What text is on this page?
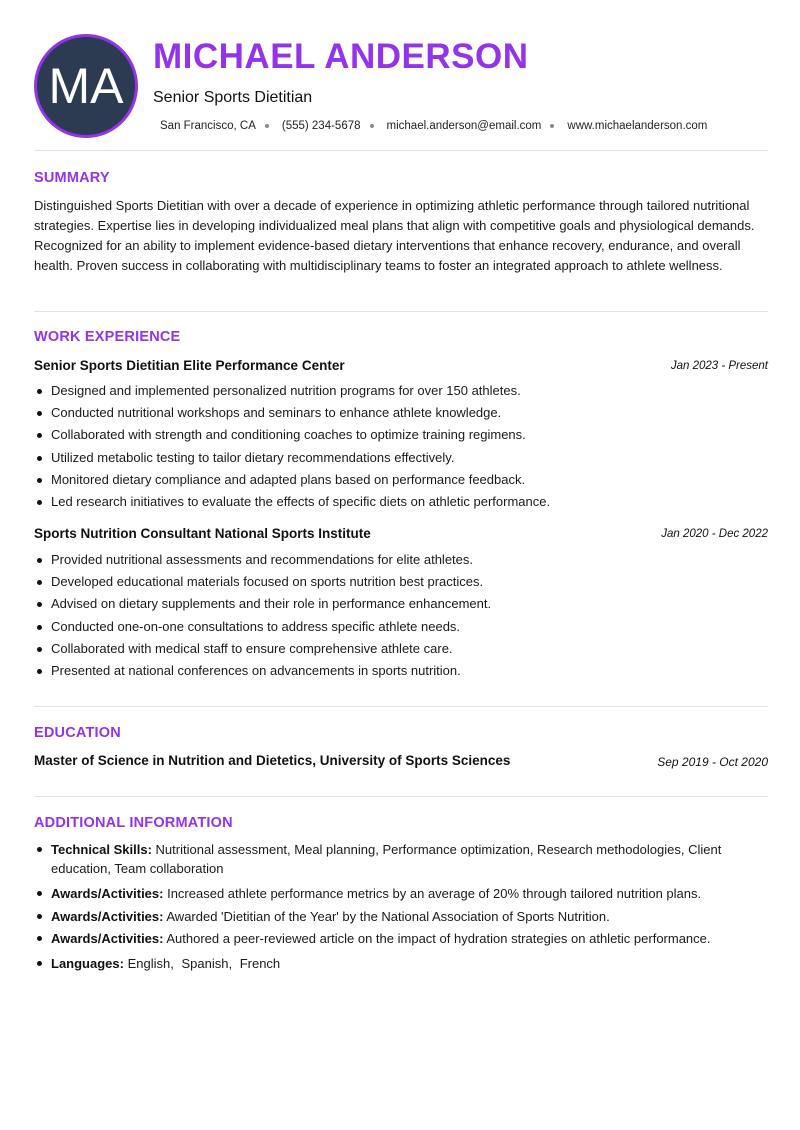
MA
MICHAEL ANDERSON
Senior Sports Dietitian
San Francisco, CA (555) 234-5678 michael.anderson@email.com www.michaelanderson.com
SUMMARY
Distinguished Sports Dietitian with over a decade of experience in optimizing athletic performance through tailored nutritional strategies. Expertise lies in developing individualized meal plans that align with competitive goals and physiological demands. Recognized for an ability to implement evidence-based dietary interventions that enhance recovery, endurance, and overall health. Proven success in collaborating with multidisciplinary teams to foster an integrated approach to athlete wellness.
WORK EXPERIENCE
Senior Sports Dietitian Elite Performance Center	Jan 2023 - Present
Designed and implemented personalized nutrition programs for over 150 athletes.
Conducted nutritional workshops and seminars to enhance athlete knowledge.
Collaborated with strength and conditioning coaches to optimize training regimens.
Utilized metabolic testing to tailor dietary recommendations effectively.
Monitored dietary compliance and adapted plans based on performance feedback.
Led research initiatives to evaluate the effects of specific diets on athletic performance.
Sports Nutrition Consultant National Sports Institute	Jan 2020 - Dec 2022
Provided nutritional assessments and recommendations for elite athletes.
Developed educational materials focused on sports nutrition best practices.
Advised on dietary supplements and their role in performance enhancement.
Conducted one-on-one consultations to address specific athlete needs.
Collaborated with medical staff to ensure comprehensive athlete care.
Presented at national conferences on advancements in sports nutrition.
EDUCATION
Master of Science in Nutrition and Dietetics, University of Sports Sciences	Sep 2019 - Oct 2020
ADDITIONAL INFORMATION
Technical Skills: Nutritional assessment, Meal planning, Performance optimization, Research methodologies, Client education, Team collaboration
Awards/Activities: Increased athlete performance metrics by an average of 20% through tailored nutrition plans.
Awards/Activities: Awarded 'Dietitian of the Year' by the National Association of Sports Nutrition.
Awards/Activities: Authored a peer-reviewed article on the impact of hydration strategies on athletic performance.
Languages: English, Spanish, French
